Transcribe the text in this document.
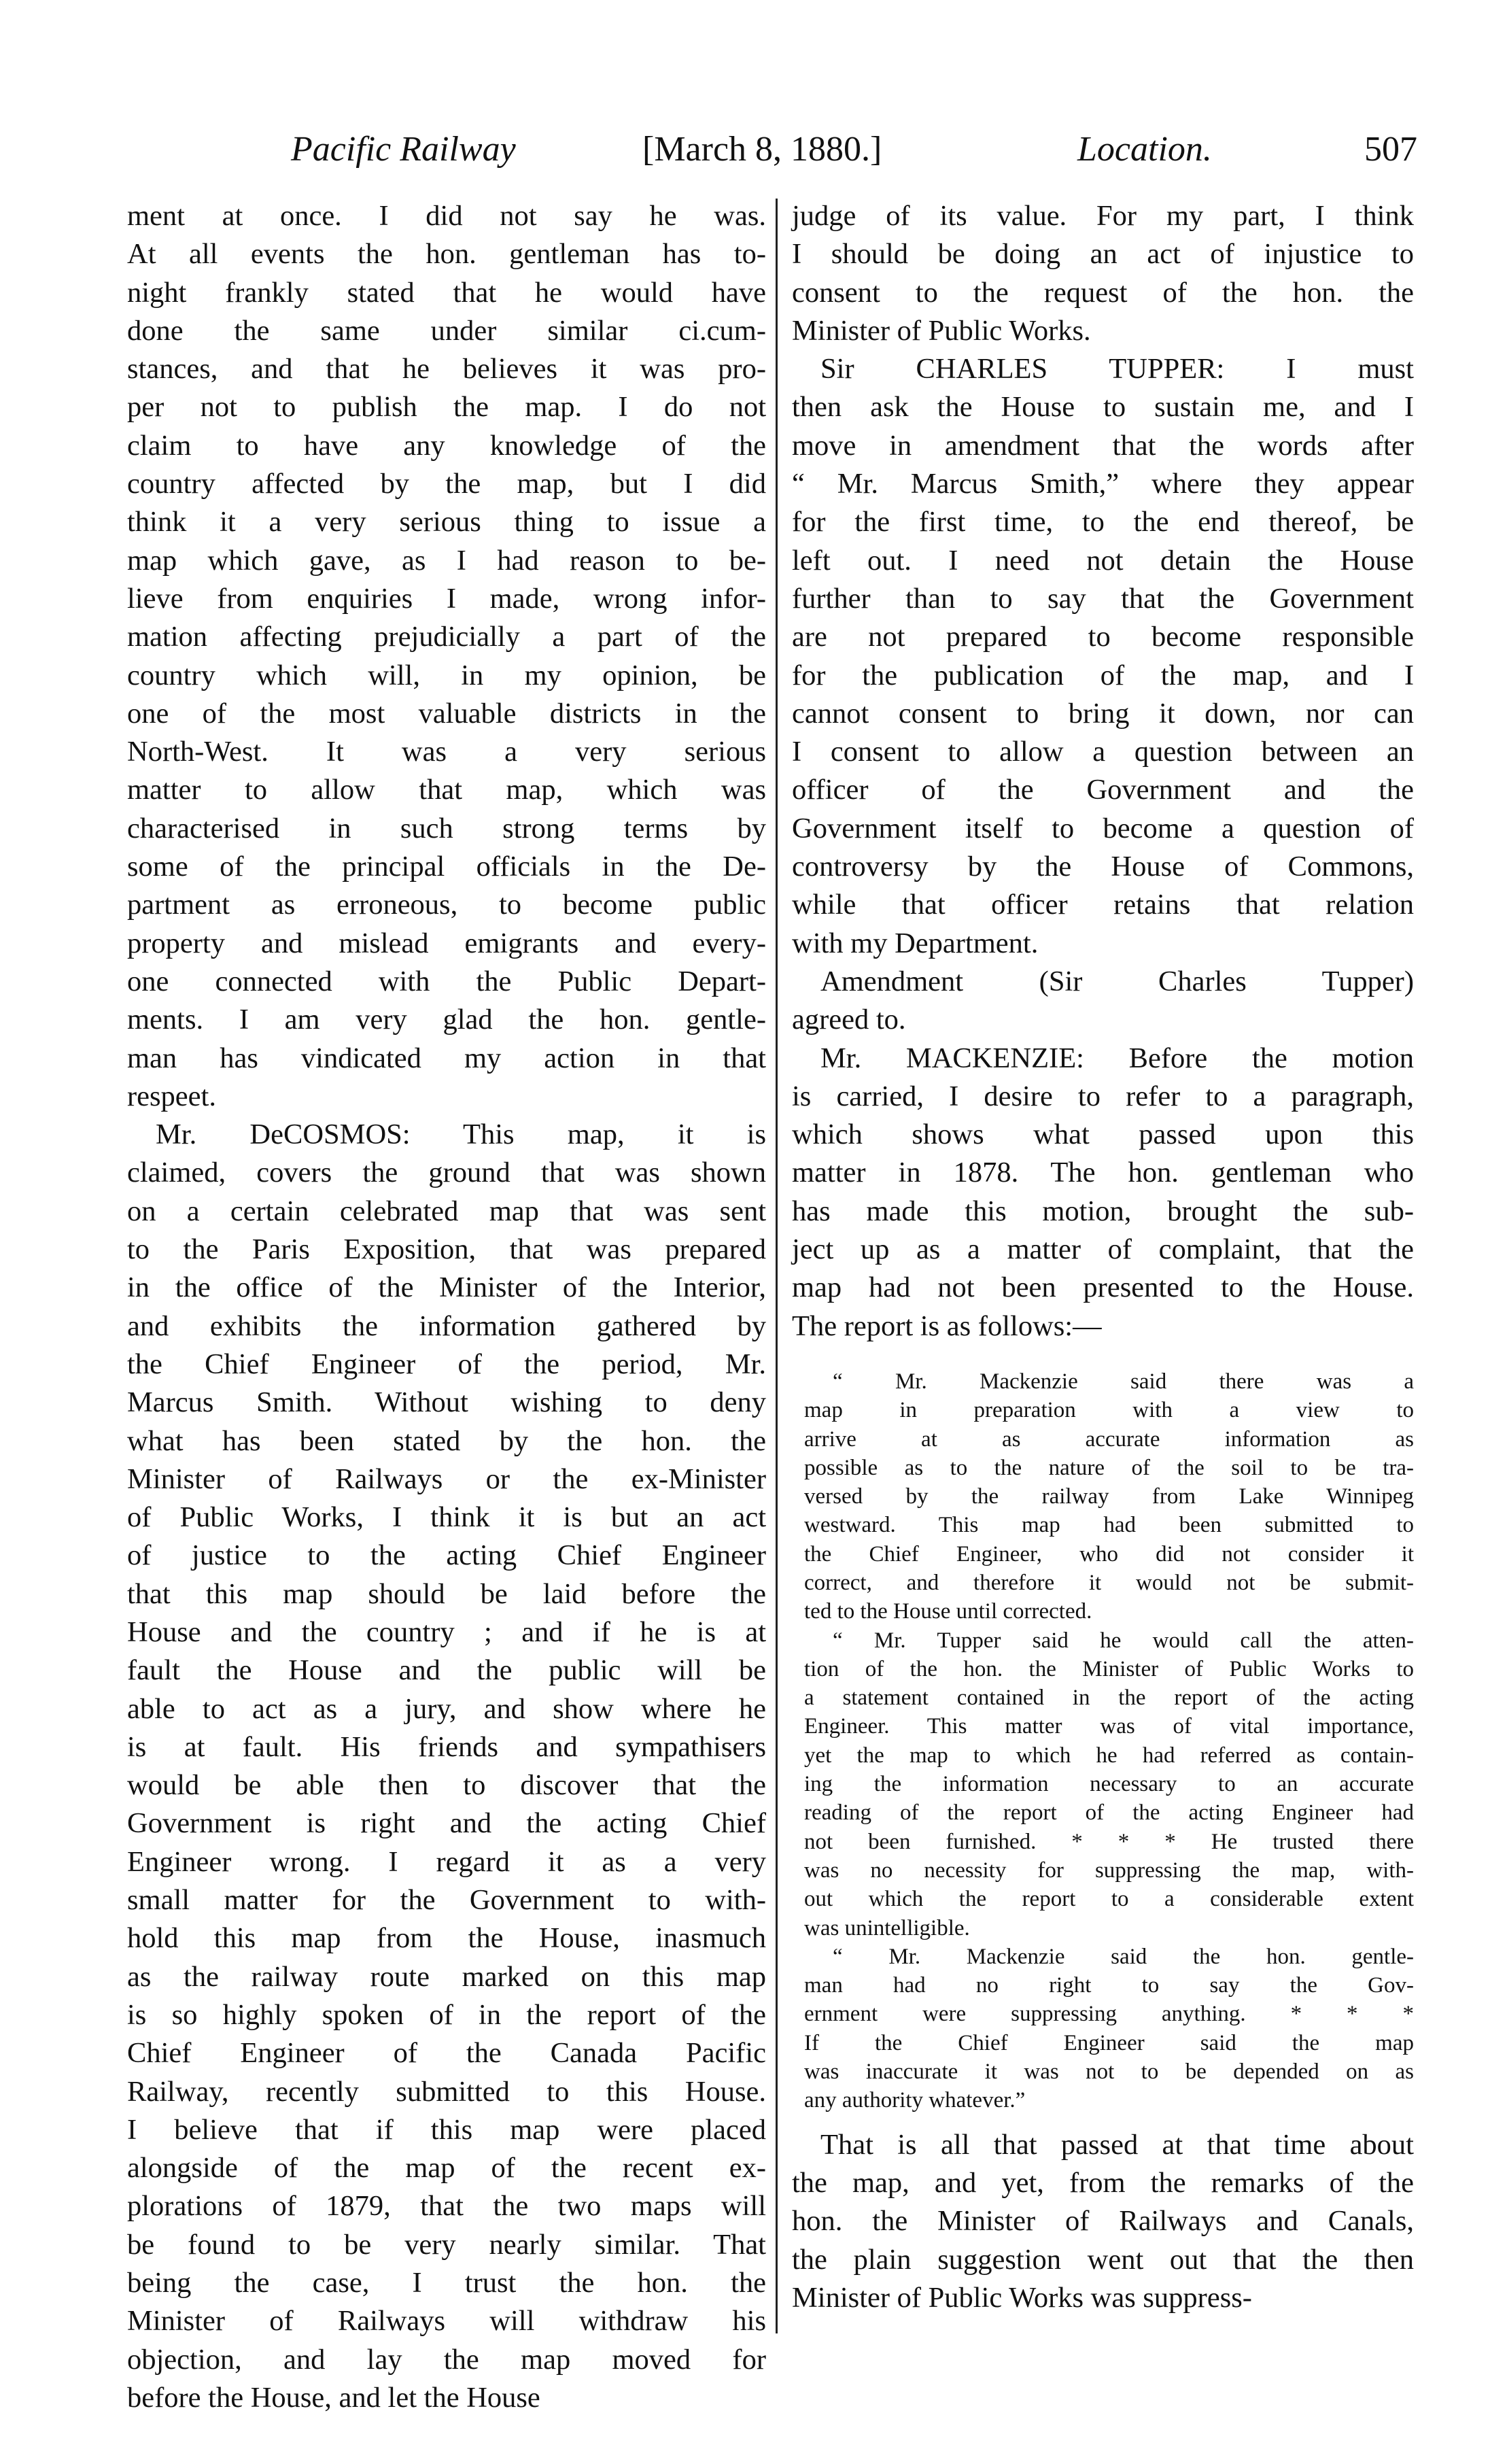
Pacific Railway	[March 8, 1880.]	Location.	507
ment at once. I did not say he was.
At all events the hon. gentleman has to-
night frankly stated that he would have
done the same under similar ci.cum-
stances, and that he believes it was pro-
per not to publish the map. I do not
claim to have any knowledge of the
country affected by the map, but I did
think it a very serious thing to issue a
map which gave, as I had reason to be-
lieve from enquiries I made, wrong infor-
mation affecting prejudicially a part of the
country which will, in my opinion, be
one of the most valuable districts in the
North-West. It was a very serious
matter to allow that map, which was
characterised in such strong terms by
some of the principal officials in the De-
partment as erroneous, to become public
property and mislead emigrants and every-
one connected with the Public Depart-
ments. I am very glad the hon. gentle-
man has vindicated my action in that
respeet.
Mr. DeCOSMOS: This map, it is
claimed, covers the ground that was shown
on a certain celebrated map that was sent
to the Paris Exposition, that was prepared
in the office of the Minister of the Interior,
and exhibits the information gathered by
the Chief Engineer of the period, Mr.
Marcus Smith. Without wishing to deny
what has been stated by the hon. the
Minister of Railways or the ex-Minister
of Public Works, I think it is but an act
of justice to the acting Chief Engineer
that this map should be laid before the
House and the country ; and if he is at
fault the House and the public will be
able to act as a jury, and show where he
is at fault. His friends and sympathisers
would be able then to discover that the
Government is right and the acting Chief
Engineer wrong. I regard it as a very
small matter for the Government to with-
hold this map from the House, inasmuch
as the railway route marked on this map
is so highly spoken of in the report of the
Chief Engineer of the Canada Pacific
Railway, recently submitted to this House.
I believe that if this map were placed
alongside of the map of the recent ex-
plorations of 1879, that the two maps will
be found to be very nearly similar. That
being the case, I trust the hon. the
Minister of Railways will withdraw his
objection, and lay the map moved for
before the House, and let the House
judge of its value. For my part, I think
I should be doing an act of injustice to
consent to the request of the hon. the
Minister of Public Works.
Sir CHARLES TUPPER: I must
then ask the House to sustain me, and I
move in amendment that the words after
“ Mr. Marcus Smith,” where they appear
for the first time, to the end thereof, be
left out. I need not detain the House
further than to say that the Government
are not prepared to become responsible
for the publication of the map, and I
cannot consent to bring it down, nor can
I consent to allow a question between an
officer of the Government and the
Government itself to become a question of
controversy by the House of Commons,
while that officer retains that relation
with my Department.
Amendment (Sir Charles Tupper)
agreed to.
Mr. MACKENZIE: Before the motion
is carried, I desire to refer to a paragraph,
which shows what passed upon this
matter in 1878. The hon. gentleman who
has made this motion, brought the sub-
ject up as a matter of complaint, that the
map had not been presented to the House.
The report is as follows:—
“ Mr. Mackenzie said there was a
map in preparation with a view to
arrive at as accurate information as
possible as to the nature of the soil to be tra-
versed by the railway from Lake Winnipeg
westward. This map had been submitted to
the Chief Engineer, who did not consider it
correct, and therefore it would not be submit-
ted to the House until corrected.
“ Mr. Tupper said he would call the atten-
tion of the hon. the Minister of Public Works to
a statement contained in the report of the acting
Engineer. This matter was of vital importance,
yet the map to which he had referred as contain-
ing the information necessary to an accurate
reading of the report of the acting Engineer had
not been furnished. * * * He trusted there
was no necessity for suppressing the map, with-
out which the report to a considerable extent
was unintelligible.
“ Mr. Mackenzie said the hon. gentle-
man had no right to say the Gov-
ernment were suppressing anything. * * *
If the Chief Engineer said the map
was inaccurate it was not to be depended on as
any authority whatever.”
That is all that passed at that time about
the map, and yet, from the remarks of the
hon. the Minister of Railways and Canals,
the plain suggestion went out that the then
Minister of Public Works was suppress-
